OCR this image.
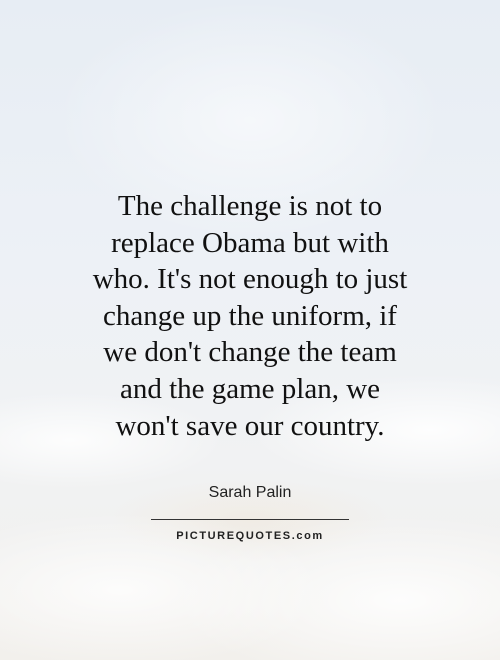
The challenge is not to
replace Obama but with
who. It's not enough to just
change up the uniform, if
we don't change the team
and the game plan, we
won't save our country.

Sarah Palin
PICTUREQUOTES.com
